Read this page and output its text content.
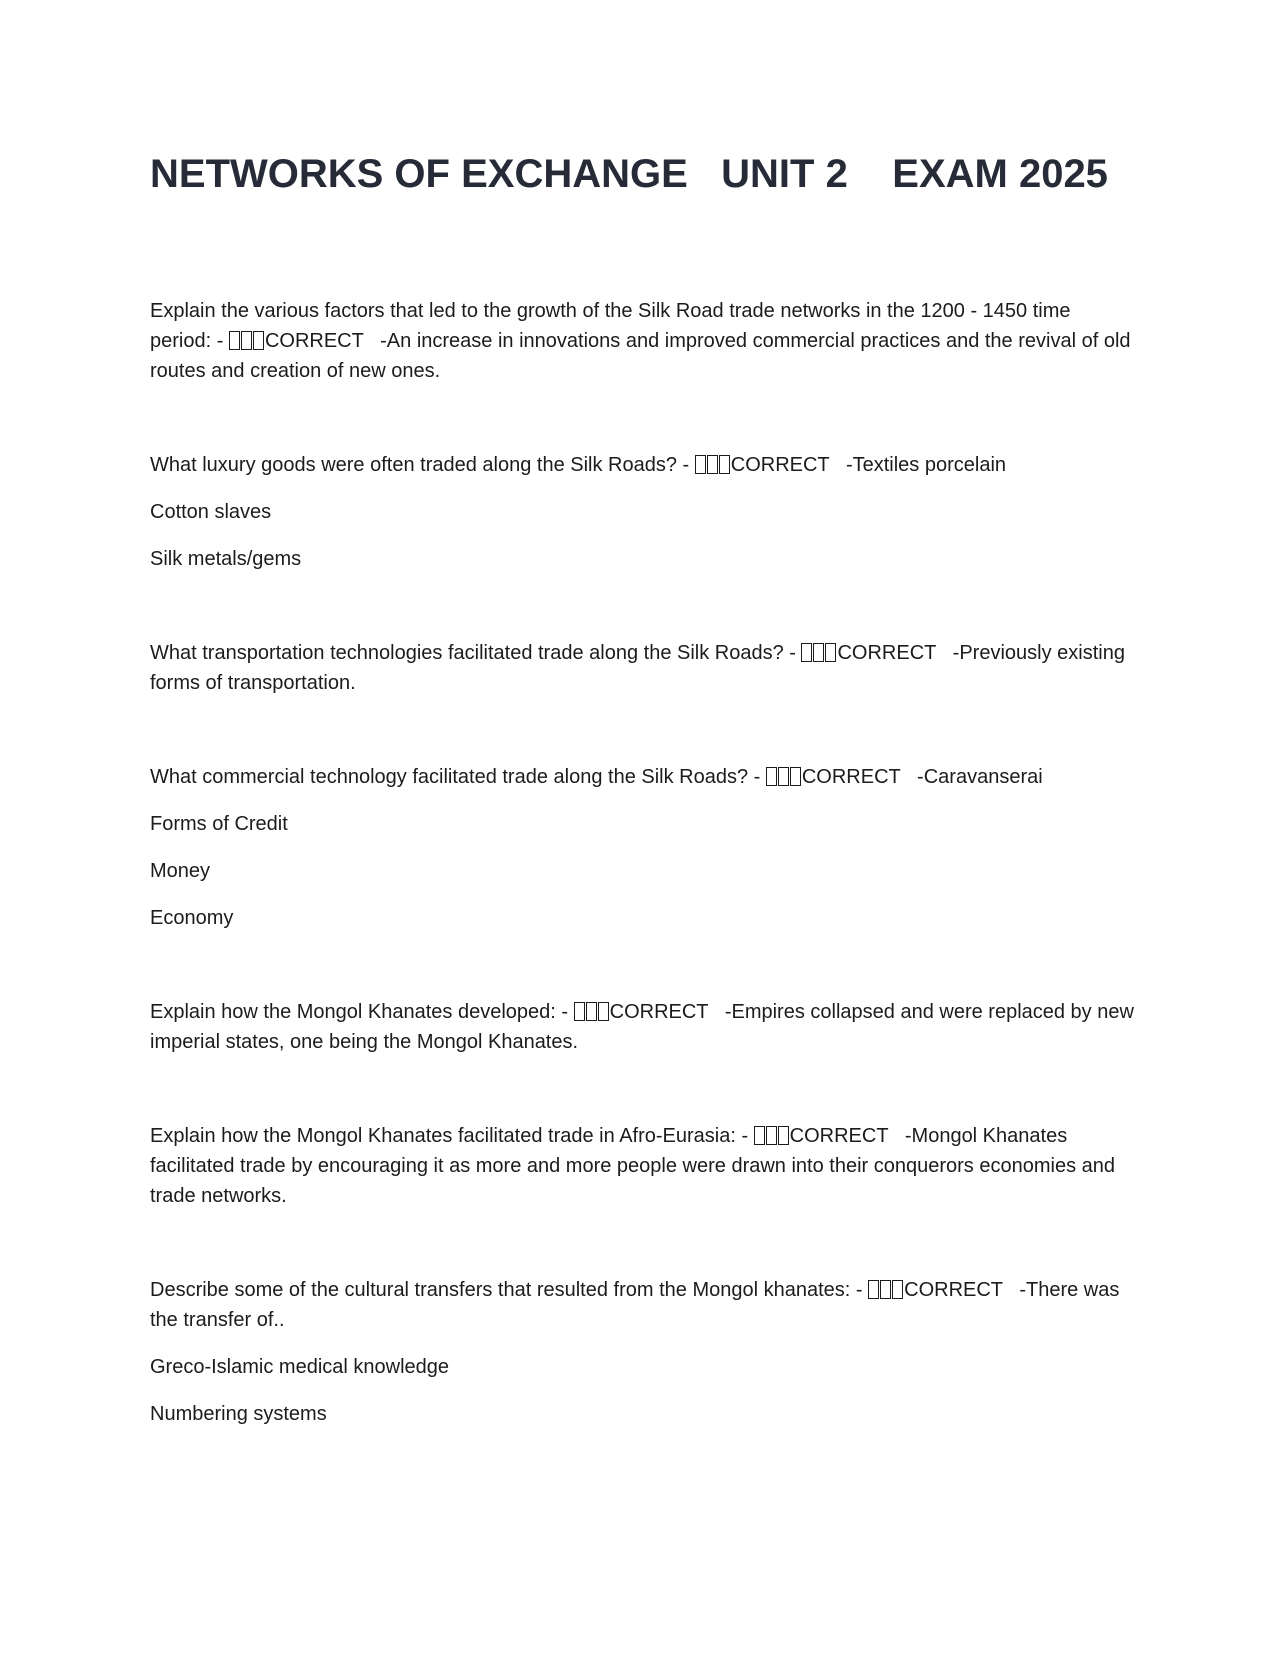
NETWORKS OF EXCHANGE   UNIT 2    EXAM 2025

Explain the various factors that led to the growth of the Silk Road trade networks in the 1200 - 1450 time period: - CORRECT   -An increase in innovations and improved commercial practices and the revival of old routes and creation of new ones.

What luxury goods were often traded along the Silk Roads? - CORRECT   -Textiles porcelain

Cotton slaves

Silk metals/gems

What transportation technologies facilitated trade along the Silk Roads? - CORRECT   -Previously existing forms of transportation.

What commercial technology facilitated trade along the Silk Roads? - CORRECT   -Caravanserai

Forms of Credit

Money

Economy

Explain how the Mongol Khanates developed: - CORRECT   -Empires collapsed and were replaced by new imperial states, one being the Mongol Khanates.

Explain how the Mongol Khanates facilitated trade in Afro-Eurasia: - CORRECT   -Mongol Khanates facilitated trade by encouraging it as more and more people were drawn into their conquerors economies and trade networks.

Describe some of the cultural transfers that resulted from the Mongol khanates: - CORRECT   -There was the transfer of..

Greco-Islamic medical knowledge

Numbering systems
